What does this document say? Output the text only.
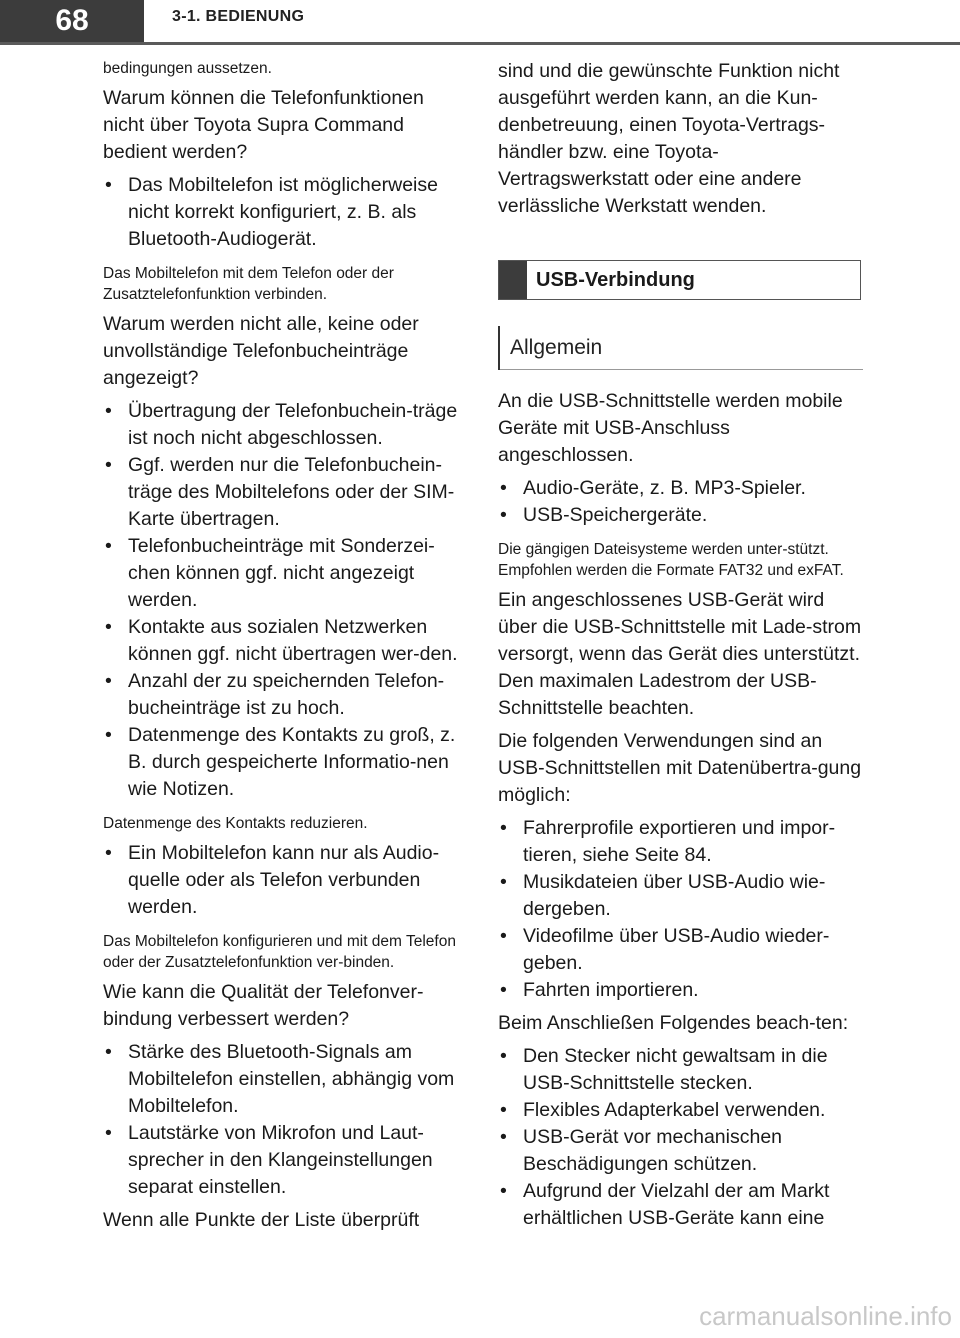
68	3-1. BEDIENUNG

bedingungen aussetzen.

Warum können die Telefonfunktionen nicht über Toyota Supra Command bedient werden?

• Das Mobiltelefon ist möglicherweise nicht korrekt konfiguriert, z. B. als Bluetooth-Audiogerät.

Das Mobiltelefon mit dem Telefon oder der Zusatztelefonfunktion verbinden.

Warum werden nicht alle, keine oder unvollständige Telefonbucheinträge angezeigt?

• Übertragung der Telefonbuchein-träge ist noch nicht abgeschlossen.
• Ggf. werden nur die Telefonbuchein-träge des Mobiltelefons oder der SIM-Karte übertragen.
• Telefonbucheinträge mit Sonderzei-chen können ggf. nicht angezeigt werden.
• Kontakte aus sozialen Netzwerken können ggf. nicht übertragen wer-den.
• Anzahl der zu speichernden Telefon-bucheinträge ist zu hoch.
• Datenmenge des Kontakts zu groß, z. B. durch gespeicherte Informatio-nen wie Notizen.

Datenmenge des Kontakts reduzieren.

• Ein Mobiltelefon kann nur als Audio-quelle oder als Telefon verbunden werden.

Das Mobiltelefon konfigurieren und mit dem Telefon oder der Zusatztelefonfunktion ver-binden.

Wie kann die Qualität der Telefonver-bindung verbessert werden?

• Stärke des Bluetooth-Signals am Mobiltelefon einstellen, abhängig vom Mobiltelefon.
• Lautstärke von Mikrofon und Laut-sprecher in den Klangeinstellungen separat einstellen.

Wenn alle Punkte der Liste überprüft

sind und die gewünschte Funktion nicht ausgeführt werden kann, an die Kun-denbetreuung, einen Toyota-Vertrags-händler bzw. eine Toyota-Vertragswerkstatt oder eine andere verlässliche Werkstatt wenden.

USB-Verbindung
Allgemein

An die USB-Schnittstelle werden mobile Geräte mit USB-Anschluss angeschlossen.

• Audio-Geräte, z. B. MP3-Spieler.
• USB-Speichergeräte.

Die gängigen Dateisysteme werden unter-stützt. Empfohlen werden die Formate FAT32 und exFAT.

Ein angeschlossenes USB-Gerät wird über die USB-Schnittstelle mit Lade-strom versorgt, wenn das Gerät dies unterstützt. Den maximalen Ladestrom der USB-Schnittstelle beachten.

Die folgenden Verwendungen sind an USB-Schnittstellen mit Datenübertra-gung möglich:

• Fahrerprofile exportieren und impor-tieren, siehe Seite 84.
• Musikdateien über USB-Audio wie-dergeben.
• Videofilme über USB-Audio wieder-geben.
• Fahrten importieren.

Beim Anschließen Folgendes beach-ten:

• Den Stecker nicht gewaltsam in die USB-Schnittstelle stecken.
• Flexibles Adapterkabel verwenden.
• USB-Gerät vor mechanischen Beschädigungen schützen.
• Aufgrund der Vielzahl der am Markt erhältlichen USB-Geräte kann eine
carmanualsonline.info
